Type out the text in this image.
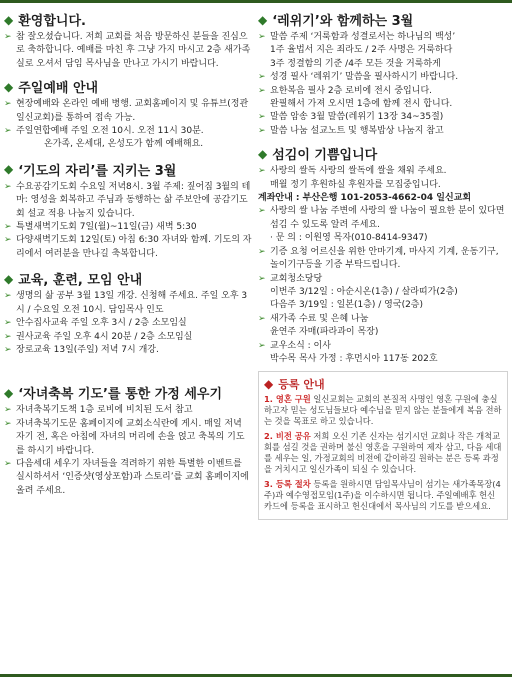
◆ 환영합니다.
➢ 참 잘오셨습니다. 저희 교회를 처음 방문하신 분들을 진심으로 축하합니다. 예배를 마친 후 그냥 가지 마시고 2층 새가족실로 오셔서 담임 목사님을 만나고 가시기 바랍니다.
◆ 주일예배 안내
➢ 현장예배와 온라인 예배 병행. 교회홈페이지 및 유튜브(정관일신교회)를 통하여 접속 가능.
➢ 주일연합예배 주일 오전 10시. 오전 11시 30분.
온가족, 온세대, 온성도가 함께 예배해요.
◆ ‘기도의 자리’를 지키는 3월
➢ 수요공감기도회 수요일 저녁8시. 3월 주제: 짚어짐 3월의 테마: 영성을 회복하고 주님과 동행하는 삶 주보안에 공감기도회 설교 적용 나눔지 있습니다.
➢ 특별새벽기도회 7일(월)~11일(금) 새벽 5:30
➢ 다양새벽기도회 12일(토) 아침 6:30 자녀와 함께. 기도의 자리에서 여러분을 만나길 축복합니다.
◆ 교육, 훈련, 모임 안내
➢ 생명의 삶 공부 3월 13일 개강. 신청해 주세요. 주일 오후 3시 / 수요일 오전 10시. 담임목사 인도
➢ 안수집사교육 주일 오후 3시 / 2층 소모임실
➢ 권사교육 주일 오후 4시 20분 / 2층 소모임실
➢ 장로교육 13일(주일) 저녁 7시 개강.
◆ ‘자녀축복 기도’를 통한 가정 세우기
➢ 자녀축복기도책 1층 로비에 비치된 도서 참고
➢ 자녀축복기도문 홈페이지에 교회소식란에 게시. 매일 저녁 자기 전, 혹은 아침에 자녀의 머리에 손을 얹고 축복의 기도를 하시기 바랍니다.
➢ 다음세대 세우기 자녀들을 격려하기 위한 특별한 이벤트를 실시하셔서 ‘인증샷(영상포함)과 스토리’를 교회 홈페이지에 올려 주세요.
◆ ‘레위기’와 함께하는 3월
➢ 말씀 주제 ‘거룩함과 성결로서는 하나님의 백성’
1주 율법서 지은 죄라도 / 2주 사명은 거룩하다
3주 정결함의 기준 /4주 모든 것을 거룩하게
➢ 성경 필사 ‘레위기’ 말씀을 필사하시기 바랍니다.
➢ 요한복음 필사 2층 로비에 전시 중입니다.
완필해서 가져 오시면 1층에 함께 전시 합니다.
➢ 말씀 암송 3월 말씀(레위기 13장 34~35절)
➢ 말씀 나눔 설교노트 및 행복밥상 나눔지 참고
◆ 섬김이 기쁨입니다
➢ 사랑의 쌀독 사랑의 쌀독에 쌀을 채워 주세요.
매월 정기 후원하실 후원자를 모집중입니다.
계좌안내 : 부산은행 101-2053-4662-04 일신교회
➢ 사랑의 쌀 나눔 주변에 사랑의 쌀 나눔이 필요한 분이 있다면 섬김 수 있도록 알려 주세요.
· 문 의 : 이원영 목자(010-8414-9347)
➢ 기증 요청 어르신을 위한 안마기계, 마사지 기계, 운동기구, 놀이기구등을 기증 부탁드립니다.
➢ 교회청소당당
이번주 3/12일 : 아순시온(1층) / 살라띠가(2층)
다음주 3/19일 : 일본(1층) / 영국(2층)
➢ 새가족 수료 및 은혜 나눔
윤연주 자매(파라과이 목장)
➢ 교우소식 : 이사
박수목 목사 가정 : 후먼시아 117동 202호
◆ 등록 안내

1. 영혼 구원 일신교회는 교회의 본질적 사명인 영혼 구원에 충실하고자 믿는 성도님들보다 예수님을 믿지 않는 분들에게 복음 전하는 것을 목표로 하고 있습니다.

2. 비전 공유 저희 오신 기존 신자는 섬기시던 교회나 작은 개척교회를 섬길 것을 권하며 불신 영혼을 구원하여 제자 삼고, 다음 세대를 세우는 일, 가정교회의 비전에 같이하길 원하는 분은 등록 과정을 거치시고 일신가족이 되실 수 있습니다.

3. 등록 절차 등록을 원하시면 담임목사님이 섬기는 새가족목장(4주)과 예수영접모임(1주)을 이수하시면 됩니다. 주일예배후 헌신카드에 등록을 표시하고 헌신대에서 목사님의 기도를 받으세요.
